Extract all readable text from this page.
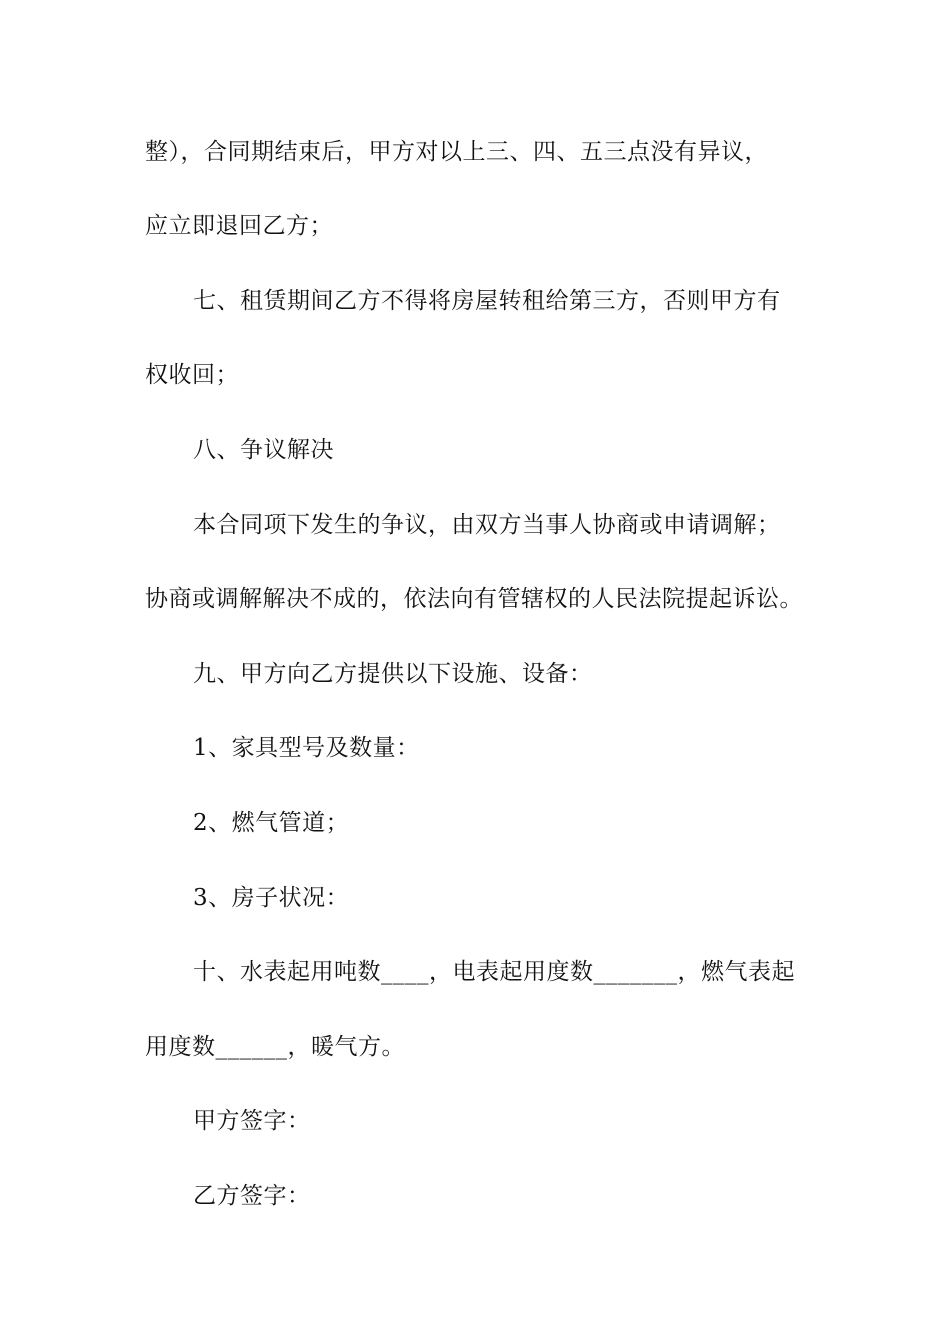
整），合同期结束后，甲方对以上三、四、五三点没有异议，
应立即退回乙方；
七、租赁期间乙方不得将房屋转租给第三方，否则甲方有
权收回；
八、争议解决
本合同项下发生的争议，由双方当事人协商或申请调解；
协商或调解解决不成的，依法向有管辖权的人民法院提起诉讼。
九、甲方向乙方提供以下设施、设备：
1、家具型号及数量：
2、燃气管道；
3、房子状况：
十、水表起用吨数____，电表起用度数_______，燃气表起
用度数______，暖气方。
甲方签字：
乙方签字：
